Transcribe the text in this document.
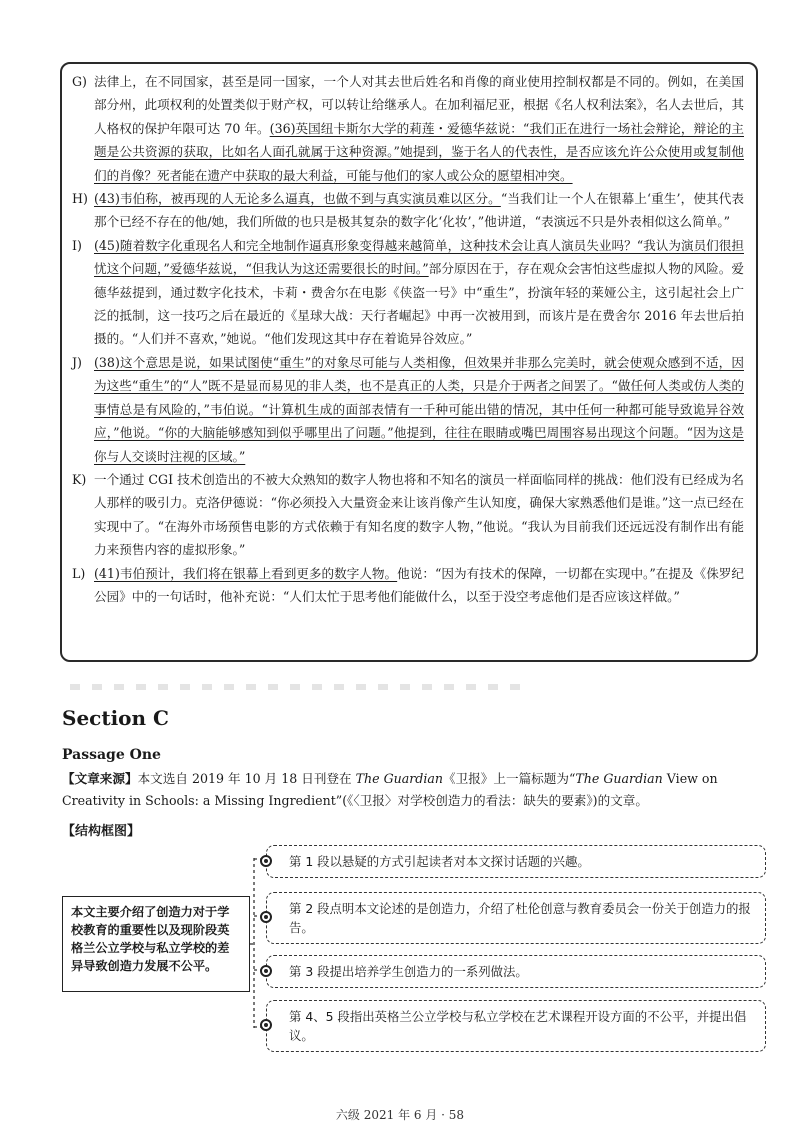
G) 法律上，在不同国家，甚至是同一国家，一个人对其去世后姓名和肖像的商业使用控制权都是不同的。例如，在美国部分州，此项权利的处置类似于财产权，可以转让给继承人。在加利福尼亚，根据《名人权利法案》，名人去世后，其人格权的保护年限可达 70 年。(36)英国纽卡斯尔大学的莉莲・爱德华兹说：“我们正在进行一场社会辩论，辩论的主题是公共资源的获取，比如名人面孔就属于这种资源。”她提到，鉴于名人的代表性，是否应该允许公众使用或复制他们的肖像？死者能在遗产中获取的最大利益，可能与他们的家人或公众的愿望相冲突。

H) (43)韦伯称，被再现的人无论多么逼真，也做不到与真实演员难以区分。“当我们让一个人在银幕上‘重生’，使其代表那个已经不存在的他/她，我们所做的也只是极其复杂的数字化‘化妆’，”他讲道，“表演远不只是外表相似这么简单。”

I) (45)随着数字化重现名人和完全地制作逼真形象变得越来越简单，这种技术会让真人演员失业吗？“我认为演员们很担忧这个问题，”爱德华兹说，“但我认为这还需要很长的时间。”部分原因在于，存在观众会害怕这些虚拟人物的风险。爱德华兹提到，通过数字化技术，卡莉・费舍尔在电影《侠盗一号》中“重生”，扮演年轻的莱娅公主，这引起社会上广泛的抵制，这一技巧之后在最近的《星球大战：天行者崛起》中再一次被用到，而该片是在费舍尔 2016 年去世后拍摄的。“人们并不喜欢，”她说。“他们发现这其中存在着诡异谷效应。”

J) (38)这个意思是说，如果试图使“重生”的对象尽可能与人类相像，但效果并非那么完美时，就会使观众感到不适，因为这些“重生”的“人”既不是显而易见的非人类，也不是真正的人类，只是介于两者之间罢了。“做任何人类或仿人类的事情总是有风险的，”韦伯说。“计算机生成的面部表情有一千种可能出错的情况，其中任何一种都可能导致诡异谷效应，”他说。“你的大脑能够感知到似乎哪里出了问题。”他提到，往往在眼睛或嘴巴周围容易出现这个问题。“因为这是你与人交谈时注视的区域。”

K) 一个通过 CGI 技术创造出的不被大众熟知的数字人物也将和不知名的演员一样面临同样的挑战：他们没有已经成为名人那样的吸引力。克洛伊德说：“你必须投入大量资金来让该肖像产生认知度，确保大家熟悉他们是谁。”这一点已经在实现中了。“在海外市场预售电影的方式依赖于有知名度的数字人物，”他说。“我认为目前我们还远远没有制作出有能力来预售内容的虚拟形象。”

L) (41)韦伯预计，我们将在银幕上看到更多的数字人物。他说：“因为有技术的保障，一切都在实现中。”在提及《侏罗纪公园》中的一句话时，他补充说：“人们太忙于思考他们能做什么，以至于没空考虑他们是否应该这样做。”

Section C
Passage One

【文章来源】本文选自 2019 年 10 月 18 日刊登在 The Guardian《卫报》上一篇标题为“The Guardian View on Creativity in Schools: a Missing Ingredient”(《〈卫报〉对学校创造力的看法：缺失的要素》)的文章。

【结构框图】
本文主要介绍了创造力对于学校教育的重要性以及现阶段英格兰公立学校与私立学校的差异导致创造力发展不公平。
第 1 段以悬疑的方式引起读者对本文探讨话题的兴趣。
第 2 段点明本文论述的是创造力，介绍了杜伦创意与教育委员会一份关于创造力的报告。
第 3 段提出培养学生创造力的一系列做法。
第 4、5 段指出英格兰公立学校与私立学校在艺术课程开设方面的不公平，并提出倡议。
六级 2021 年 6 月 · 58
